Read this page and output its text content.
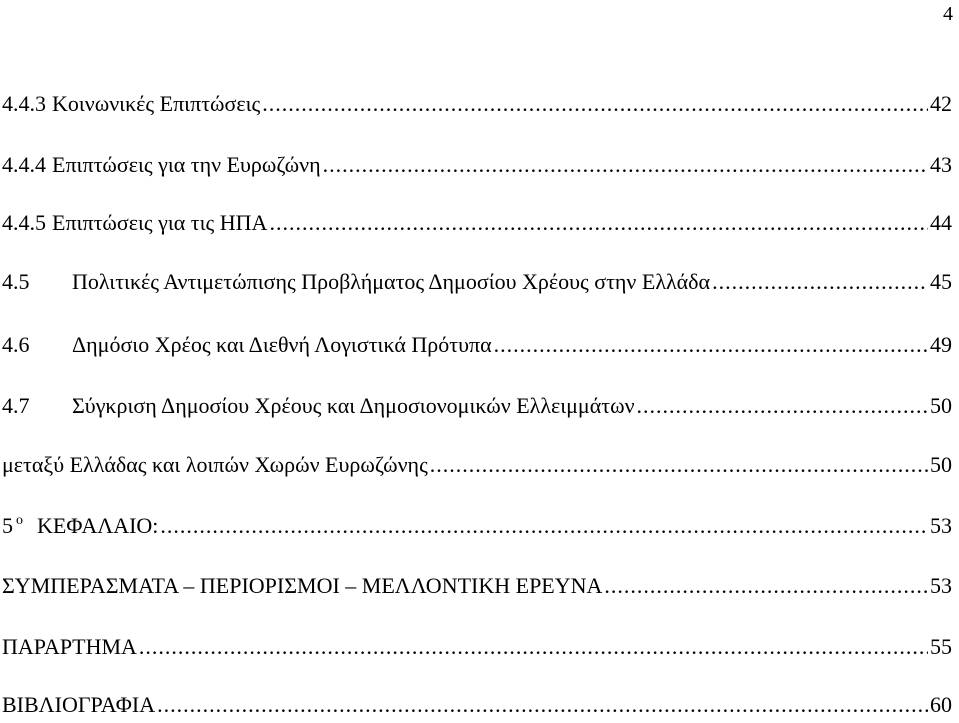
4
4.4.3 Κοινωνικές Επιπτώσεις .....	42
4.4.4 Επιπτώσεις για την Ευρωζώνη .....	43
4.4.5 Επιπτώσεις για τις ΗΠΑ .....	44
4.5	Πολιτικές Αντιμετώπισης Προβλήματος Δημοσίου Χρέους στην Ελλάδα .....	45
4.6	Δημόσιο Χρέος και Διεθνή Λογιστικά Πρότυπα .....	49
4.7	Σύγκριση Δημοσίου Χρέους και Δημοσιονομικών Ελλειμμάτων .....	50
μεταξύ Ελλάδας και λοιπών Χωρών Ευρωζώνης .....	50
5 ο ΚΕΦΑΛΑΙΟ: .....	53
ΣΥΜΠΕΡΑΣΜΑΤΑ – ΠΕΡΙΟΡΙΣΜΟΙ – ΜΕΛΛΟΝΤΙΚΗ ΕΡΕΥΝΑ .....	53
ΠΑΡΑΡΤΗΜΑ .....	55
ΒΙΒΛΙΟΓΡΑΦΙΑ .....	60
